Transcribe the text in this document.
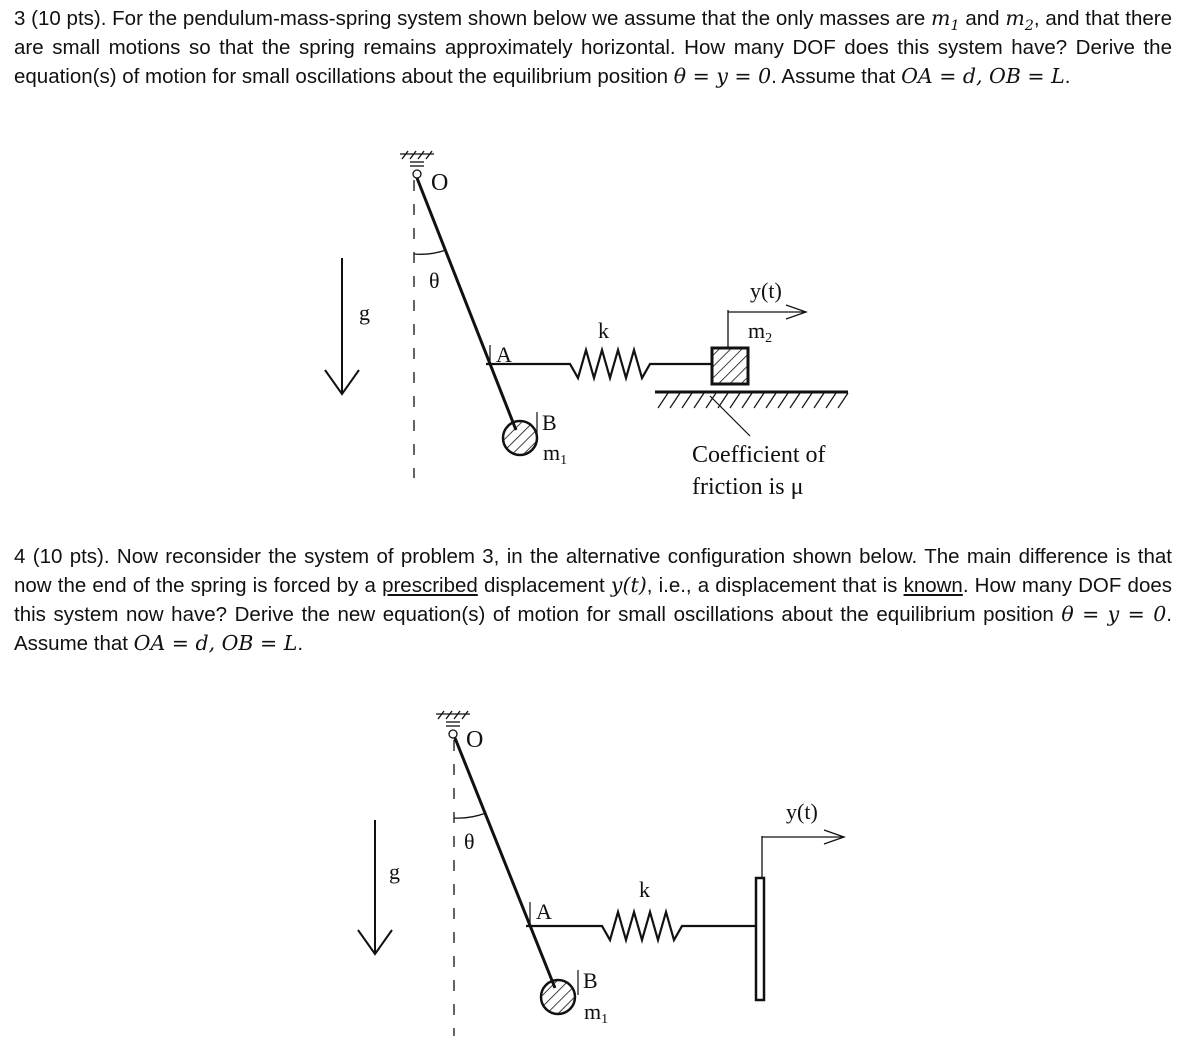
3 (10 pts). For the pendulum-mass-spring system shown below we assume that the only masses are $m_1$ and $m_2$, and that there are small motions so that the spring remains approximately horizontal. How many DOF does this system have? Derive the equation(s) of motion for small oscillations about the equilibrium position θ = y = 0. Assume that OA = d, OB = L.
O
θ
g
A
k
B
m1
y(t)
m2
Coefficient of
friction is μ
4 (10 pts). Now reconsider the system of problem 3, in the alternative configuration shown below. The main difference is that now the end of the spring is forced by a prescribed displacement y(t), i.e., a displacement that is known. How many DOF does this system now have? Derive the new equation(s) of motion for small oscillations about the equilibrium position θ = y = 0. Assume that OA = d, OB = L.
O
θ
g
A
k
B
m1
y(t)
